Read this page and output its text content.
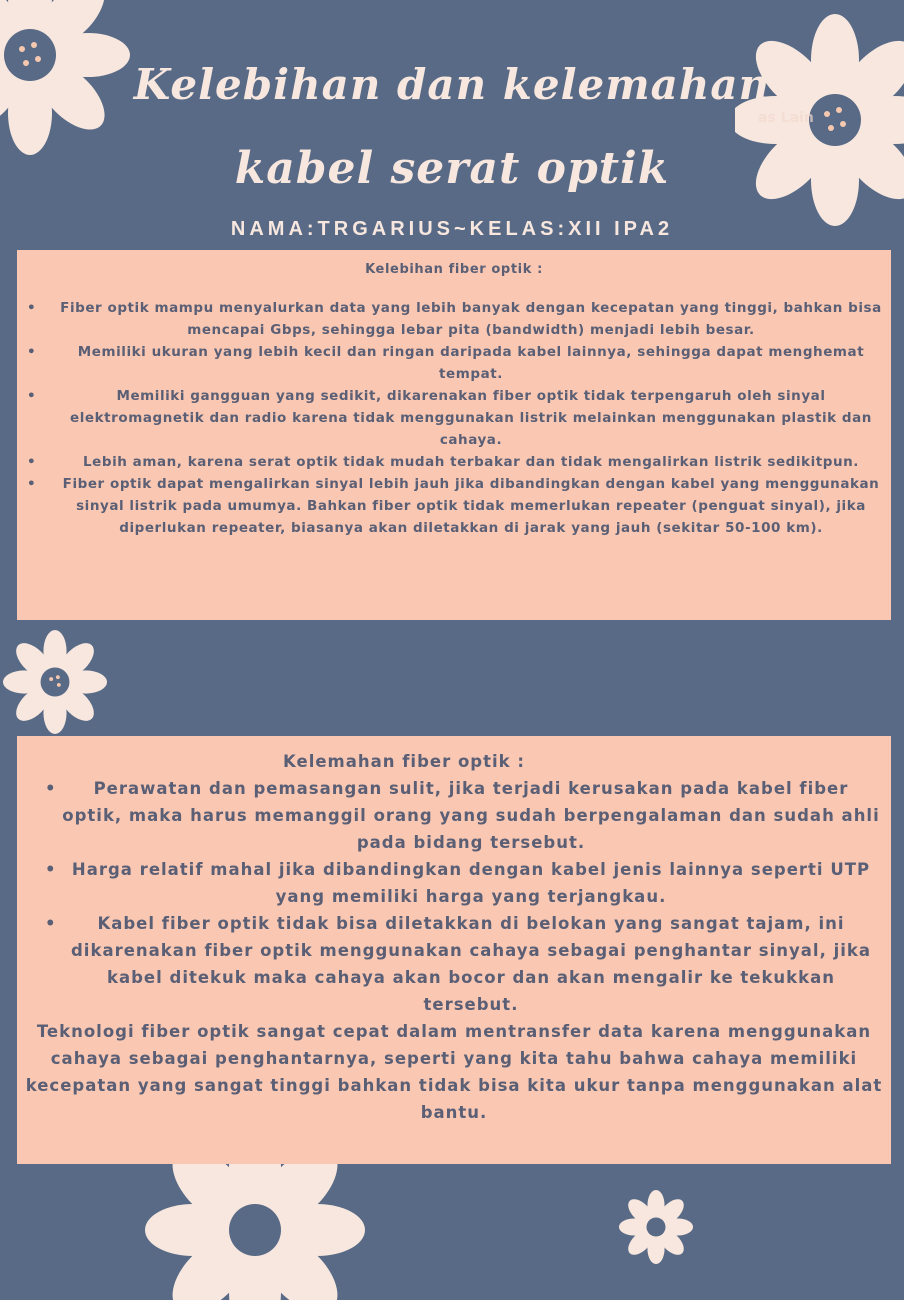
as Lain
Kelebihan dan kelemahan
kabel serat optik
NAMA:TRGARIUS~KELAS:XII IPA2
Kelebihan fiber optik :
• Fiber optik mampu menyalurkan data yang lebih banyak dengan kecepatan yang tinggi, bahkan bisa mencapai Gbps, sehingga lebar pita (bandwidth) menjadi lebih besar.
• Memiliki ukuran yang lebih kecil dan ringan daripada kabel lainnya, sehingga dapat menghemat tempat.
• Memiliki gangguan yang sedikit, dikarenakan fiber optik tidak terpengaruh oleh sinyal elektromagnetik dan radio karena tidak menggunakan listrik melainkan menggunakan plastik dan cahaya.
• Lebih aman, karena serat optik tidak mudah terbakar dan tidak mengalirkan listrik sedikitpun.
• Fiber optik dapat mengalirkan sinyal lebih jauh jika dibandingkan dengan kabel yang menggunakan sinyal listrik pada umumya. Bahkan fiber optik tidak memerlukan repeater (penguat sinyal), jika diperlukan repeater, biasanya akan diletakkan di jarak yang jauh (sekitar 50-100 km).
Kelemahan fiber optik :
• Perawatan dan pemasangan sulit, jika terjadi kerusakan pada kabel fiber optik, maka harus memanggil orang yang sudah berpengalaman dan sudah ahli pada bidang tersebut.
• Harga relatif mahal jika dibandingkan dengan kabel jenis lainnya seperti UTP yang memiliki harga yang terjangkau.
• Kabel fiber optik tidak bisa diletakkan di belokan yang sangat tajam, ini dikarenakan fiber optik menggunakan cahaya sebagai penghantar sinyal, jika kabel ditekuk maka cahaya akan bocor dan akan mengalir ke tekukkan tersebut.

Teknologi fiber optik sangat cepat dalam mentransfer data karena menggunakan cahaya sebagai penghantarnya, seperti yang kita tahu bahwa cahaya memiliki kecepatan yang sangat tinggi bahkan tidak bisa kita ukur tanpa menggunakan alat bantu.
